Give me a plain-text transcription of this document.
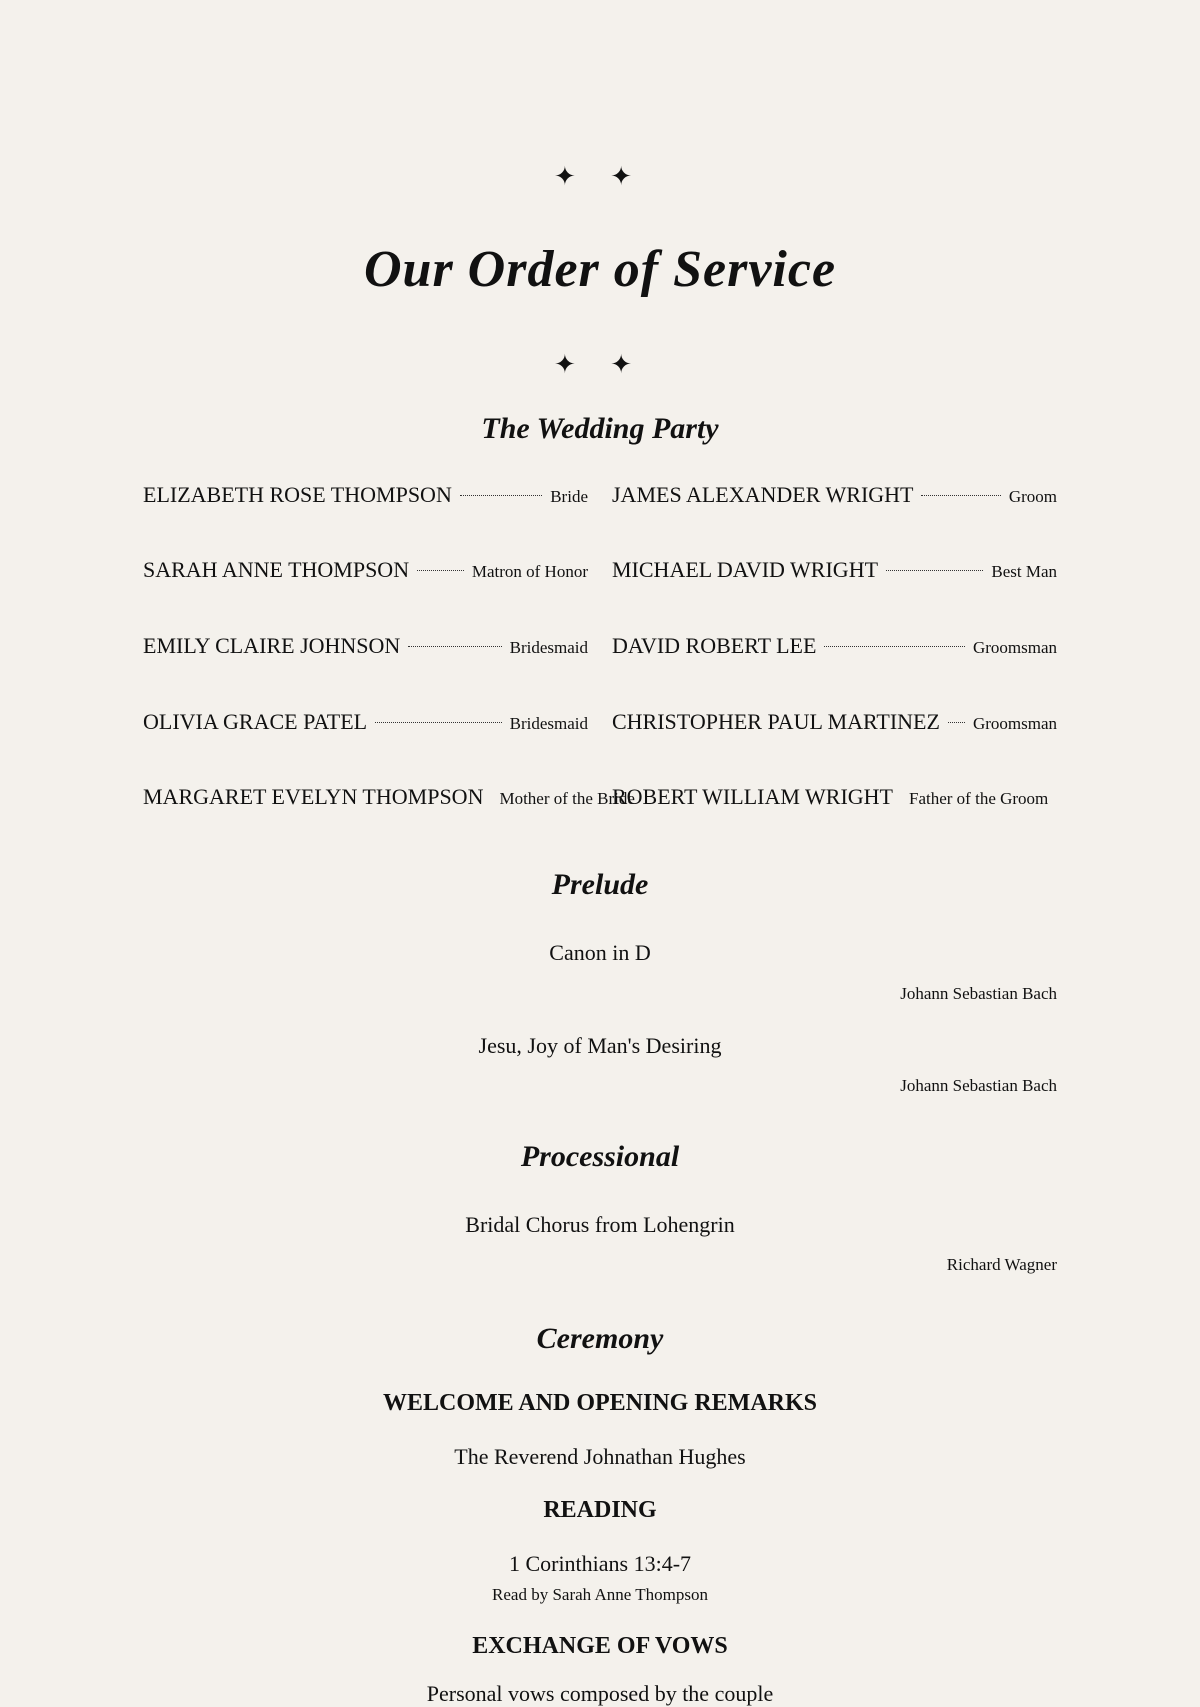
✦ ✦
Our Order of Service
✦ ✦
The Wedding Party
ELIZABETH ROSE THOMPSON	Bride
SARAH ANNE THOMPSON	Matron of Honor
EMILY CLAIRE JOHNSON	Bridesmaid
OLIVIA GRACE PATEL	Bridesmaid
MARGARET EVELYN THOMPSON Mother of the Bride
JAMES ALEXANDER WRIGHT	Groom
MICHAEL DAVID WRIGHT	Best Man
DAVID ROBERT LEE	Groomsman
CHRISTOPHER PAUL MARTINEZ Groomsman
ROBERT WILLIAM WRIGHT Father of the Groom
Prelude
Canon in D
Johann Sebastian Bach
Jesu, Joy of Man's Desiring
Johann Sebastian Bach
Processional
Bridal Chorus from Lohengrin
Richard Wagner
Ceremony
WELCOME AND OPENING REMARKS
The Reverend Johnathan Hughes
READING
1 Corinthians 13:4-7
Read by Sarah Anne Thompson
EXCHANGE OF VOWS
Personal vows composed by the couple
